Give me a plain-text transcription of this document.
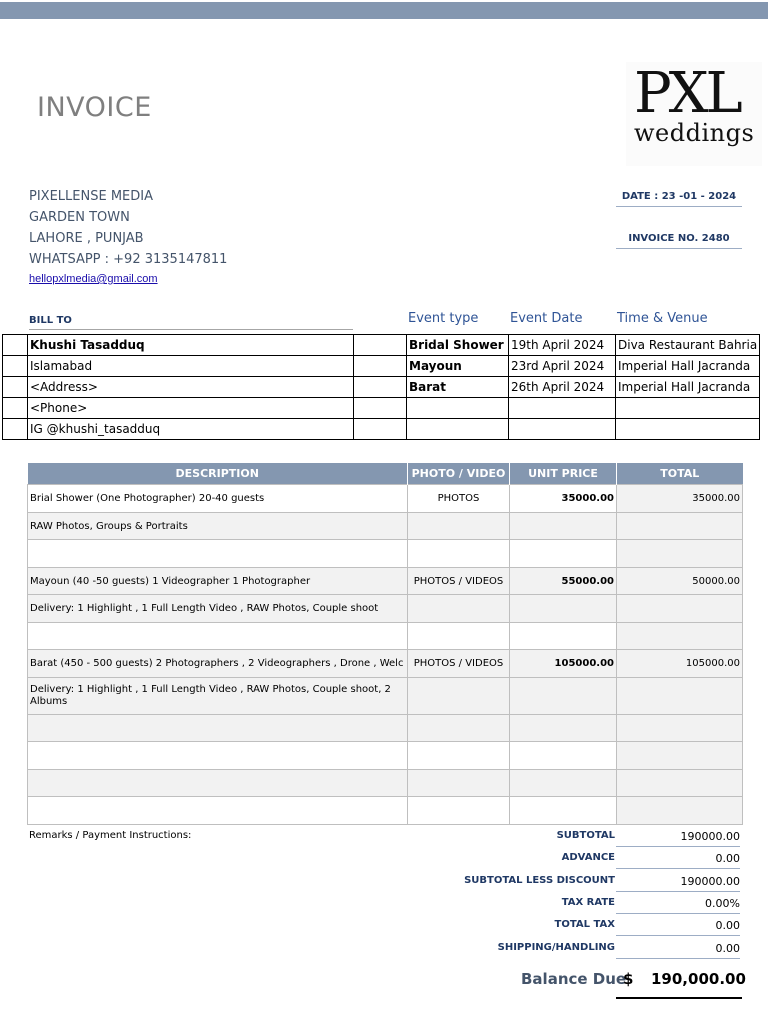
INVOICE	PXL
weddings
PIXELLENSE MEDIA
GARDEN TOWN
LAHORE , PUNJAB
WHATSAPP : +92 3135147811
hellopxlmedia@gmail.com
DATE : 23 -01 - 2024
INVOICE NO. 2480
BILL TO	Event type Event Date	Time & Venue
	Khushi Tasadduq		Bridal Shower	19th April 2024	Diva Restaurant Bahria
	Islamabad		Mayoun	23rd April 2024	Imperial Hall Jacranda
	<Address>		Barat	26th April 2024	Imperial Hall Jacranda
	<Phone>				
	IG @khushi_tasadduq				
DESCRIPTION	PHOTO / VIDEO	UNIT PRICE	TOTAL
Brial Shower (One Photographer) 20-40 guests	PHOTOS	35000.00	35000.00
RAW Photos, Groups & Portraits			

Mayoun (40 -50 guests) 1 Videographer 1 Photographer	PHOTOS / VIDEOS	55000.00	50000.00
Delivery: 1 Highlight , 1 Full Length Video , RAW Photos, Couple shoot			

Barat (450 - 500 guests) 2 Photographers , 2 Videographers , Drone , Welc	PHOTOS / VIDEOS	105000.00	105000.00
Delivery: 1 Highlight , 1 Full Length Video , RAW Photos, Couple shoot, 2 Albums			

Remarks / Payment Instructions:	SUBTOTAL	190000.00
ADVANCE	0.00
SUBTOTAL LESS DISCOUNT	190000.00
TAX RATE	0.00%
TOTAL TAX	0.00
SHIPPING/HANDLING	0.00
Balance Due
$ 190,000.00
